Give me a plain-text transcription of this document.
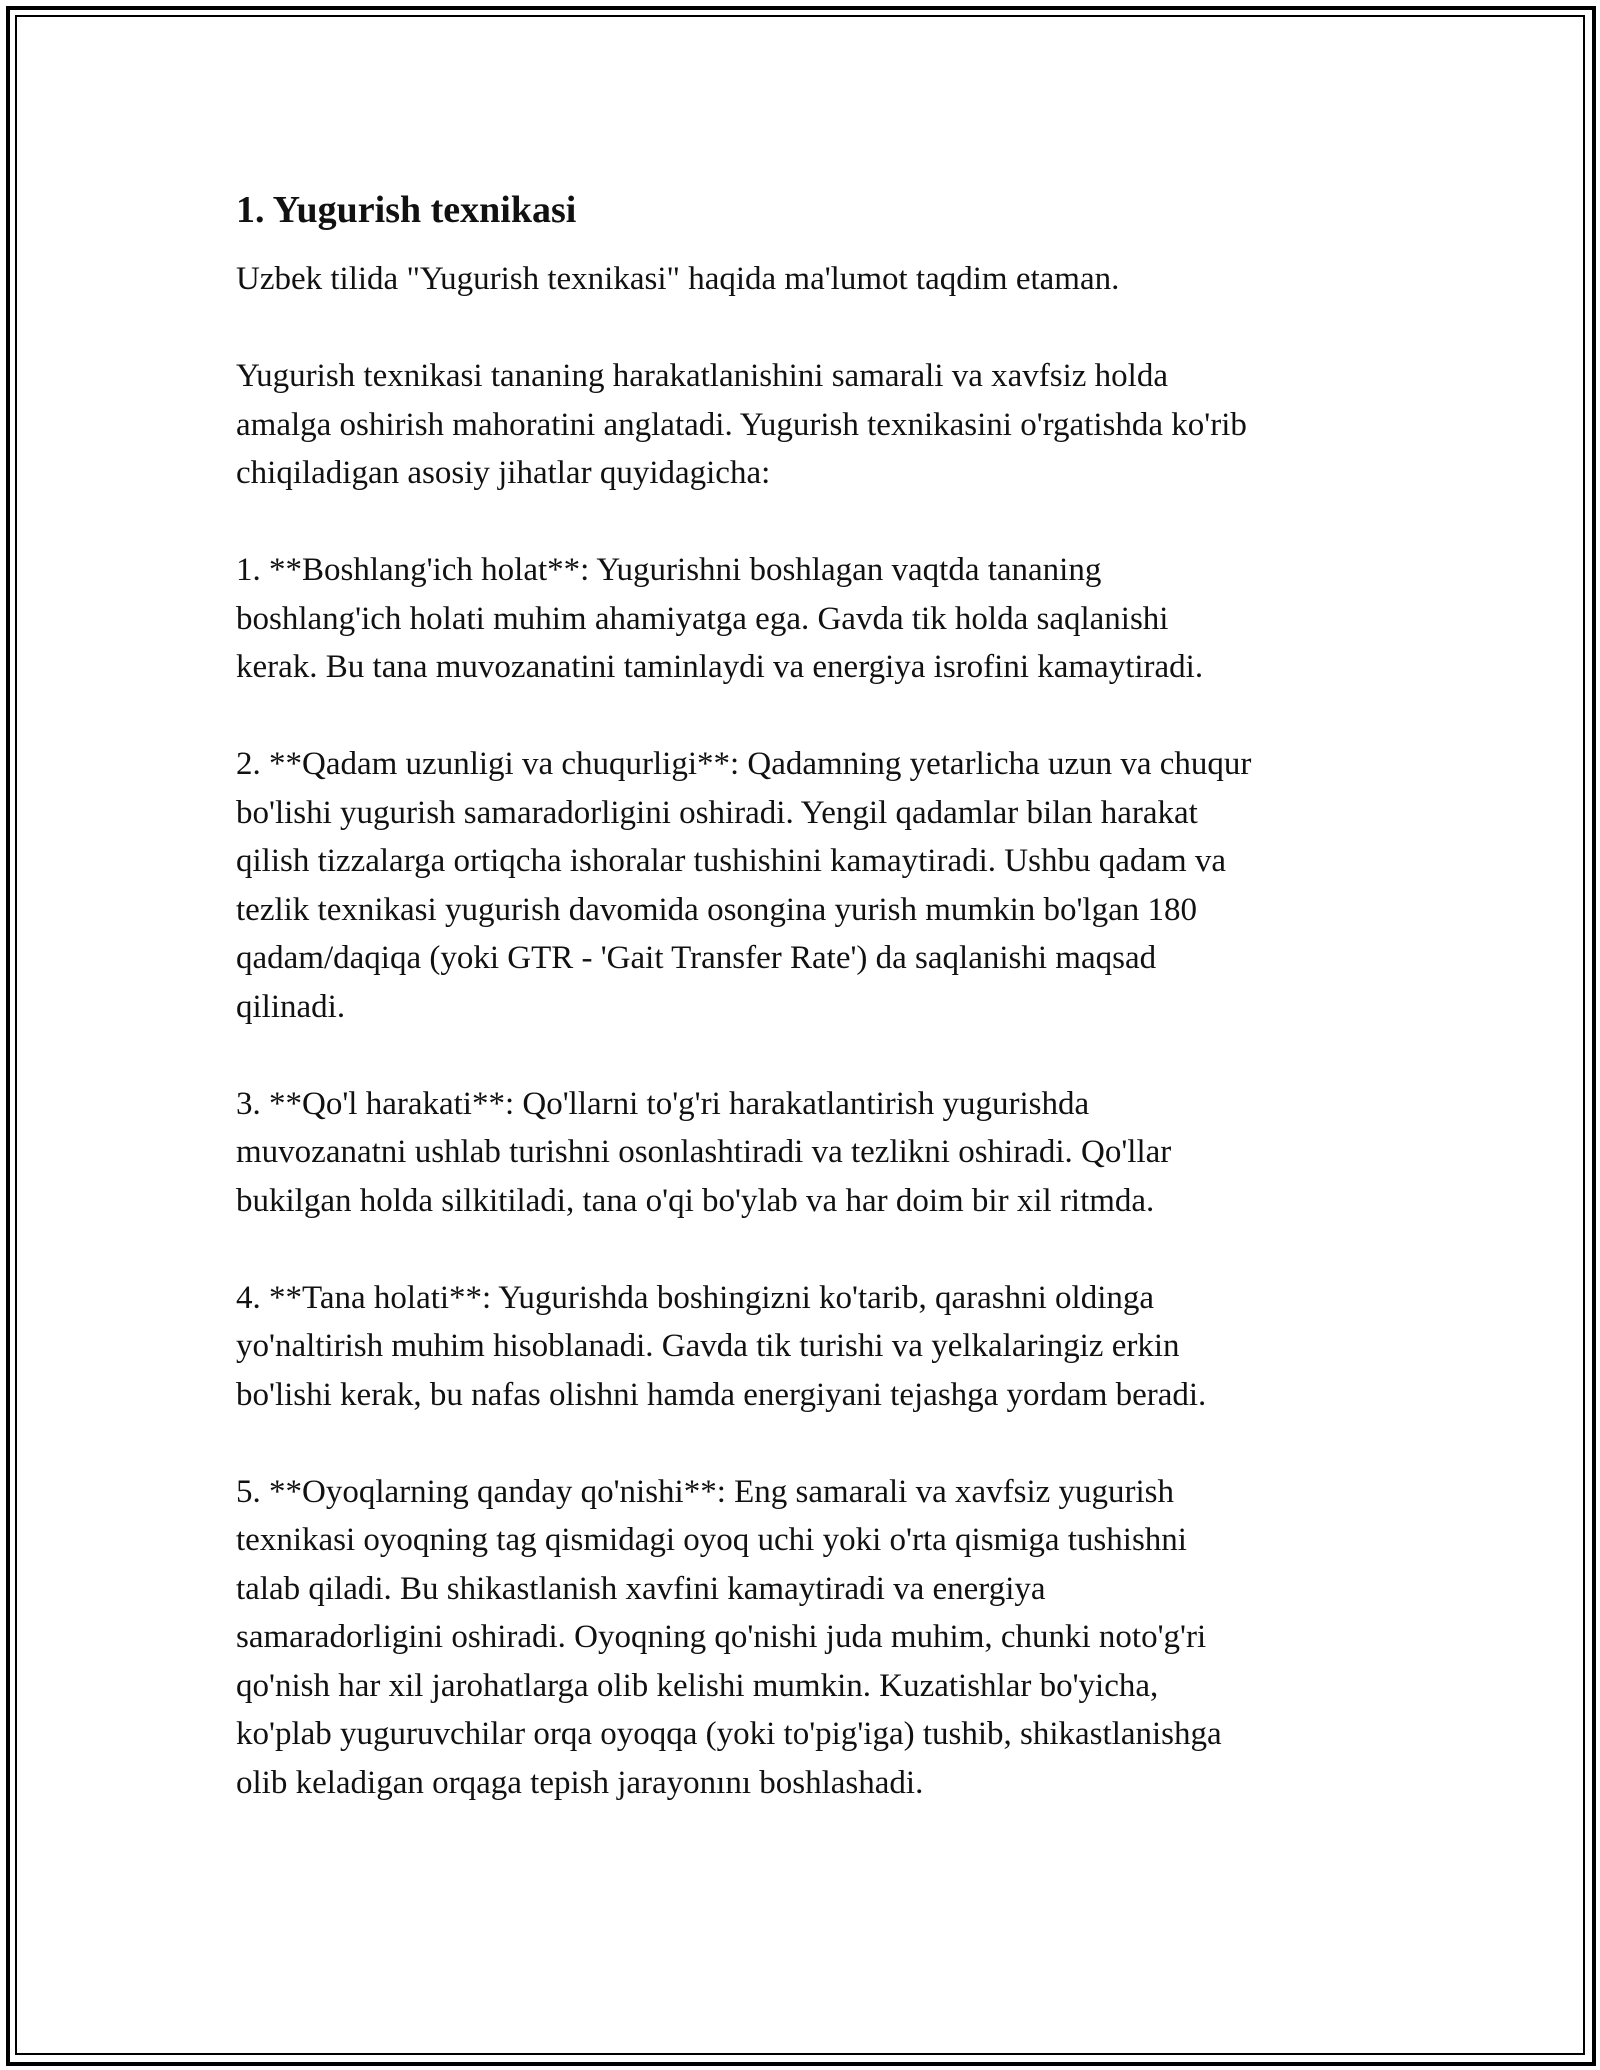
1. Yugurish texnikasi

Uzbek tilida "Yugurish texnikasi" haqida ma'lumot taqdim etaman.

Yugurish texnikasi tananing harakatlanishini samarali va xavfsiz holda
amalga oshirish mahoratini anglatadi. Yugurish texnikasini o'rgatishda ko'rib
chiqiladigan asosiy jihatlar quyidagicha:

1. **Boshlang'ich holat**: Yugurishni boshlagan vaqtda tananing
boshlang'ich holati muhim ahamiyatga ega. Gavda tik holda saqlanishi
kerak. Bu tana muvozanatini taminlaydi va energiya isrofini kamaytiradi.

2. **Qadam uzunligi va chuqurligi**: Qadamning yetarlicha uzun va chuqur
bo'lishi yugurish samaradorligini oshiradi. Yengil qadamlar bilan harakat
qilish tizzalarga ortiqcha ishoralar tushishini kamaytiradi. Ushbu qadam va
tezlik texnikasi yugurish davomida osongina yurish mumkin bo'lgan 180
qadam/daqiqa (yoki GTR - 'Gait Transfer Rate') da saqlanishi maqsad
qilinadi.

3. **Qo'l harakati**: Qo'llarni to'g'ri harakatlantirish yugurishda
muvozanatni ushlab turishni osonlashtiradi va tezlikni oshiradi. Qo'llar
bukilgan holda silkitiladi, tana o'qi bo'ylab va har doim bir xil ritmda.

4. **Tana holati**: Yugurishda boshingizni ko'tarib, qarashni oldinga
yo'naltirish muhim hisoblanadi. Gavda tik turishi va yelkalaringiz erkin
bo'lishi kerak, bu nafas olishni hamda energiyani tejashga yordam beradi.

5. **Oyoqlarning qanday qo'nishi**: Eng samarali va xavfsiz yugurish
texnikasi oyoqning tag qismidagi oyoq uchi yoki o'rta qismiga tushishni
talab qiladi. Bu shikastlanish xavfini kamaytiradi va energiya
samaradorligini oshiradi. Oyoqning qo'nishi juda muhim, chunki noto'g'ri
qo'nish har xil jarohatlarga olib kelishi mumkin. Kuzatishlar bo'yicha,
ko'plab yuguruvchilar orqa oyoqqa (yoki to'pig'iga) tushib, shikastlanishga
olib keladigan orqaga tepish jarayonını boshlashadi.
